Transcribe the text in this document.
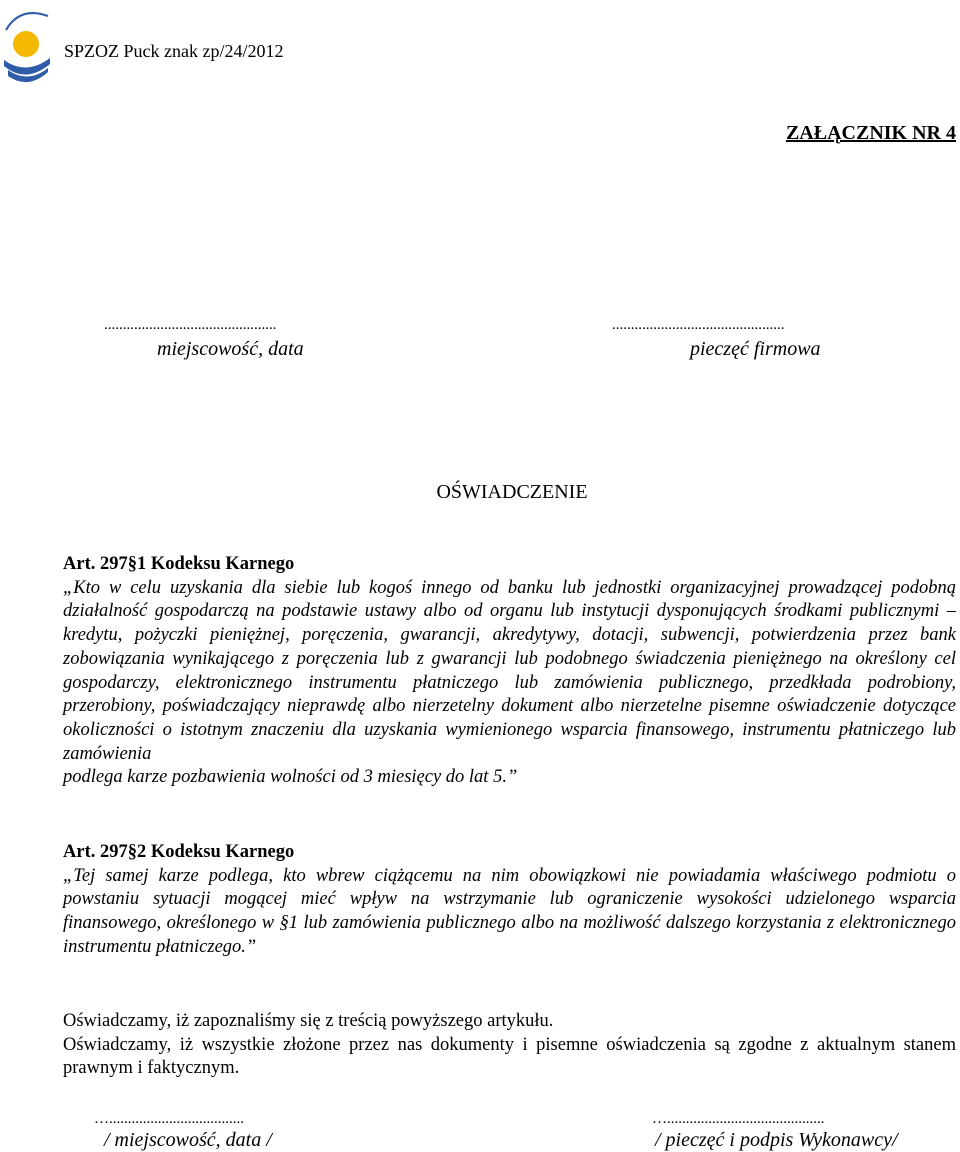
SPZOZ Puck znak zp/24/2012
ZAŁĄCZNIK NR 4
..............................................
miejscowość, data
..............................................
pieczęć firmowa
OŚWIADCZENIE
Art. 297§1 Kodeksu Karnego
„Kto w celu uzyskania dla siebie lub kogoś innego od banku lub jednostki organizacyjnej prowadzącej podobną działalność gospodarczą na podstawie ustawy albo od organu lub instytucji dysponujących środkami publicznymi – kredytu, pożyczki pieniężnej, poręczenia, gwarancji, akredytywy, dotacji, subwencji, potwierdzenia przez bank zobowiązania wynikającego z poręczenia lub z gwarancji lub podobnego świadczenia pieniężnego na określony cel gospodarczy, elektronicznego instrumentu płatniczego lub zamówienia publicznego, przedkłada podrobiony, przerobiony, poświadczający nieprawdę albo nierzetelny dokument albo nierzetelne pisemne oświadczenie dotyczące okoliczności o istotnym znaczeniu dla uzyskania wymienionego wsparcia finansowego, instrumentu płatniczego lub zamówienia
podlega karze pozbawienia wolności od 3 miesięcy do lat 5.”
Art. 297§2 Kodeksu Karnego
„Tej samej karze podlega, kto wbrew ciążącemu na nim obowiązkowi nie powiadamia właściwego podmiotu o powstaniu sytuacji mogącej mieć wpływ na wstrzymanie lub ograniczenie wysokości udzielonego wsparcia finansowego, określonego w §1 lub zamówienia publicznego albo na możliwość dalszego korzystania z elektronicznego instrumentu płatniczego.”
Oświadczamy, iż zapoznaliśmy się z treścią powyższego artykułu.
Oświadczamy, iż wszystkie złożone przez nas dokumenty i pisemne oświadczenia są zgodne z aktualnym stanem prawnym i faktycznym.
…....................................
/ miejscowość, data /
…..........................................
/ pieczęć i podpis Wykonawcy/
